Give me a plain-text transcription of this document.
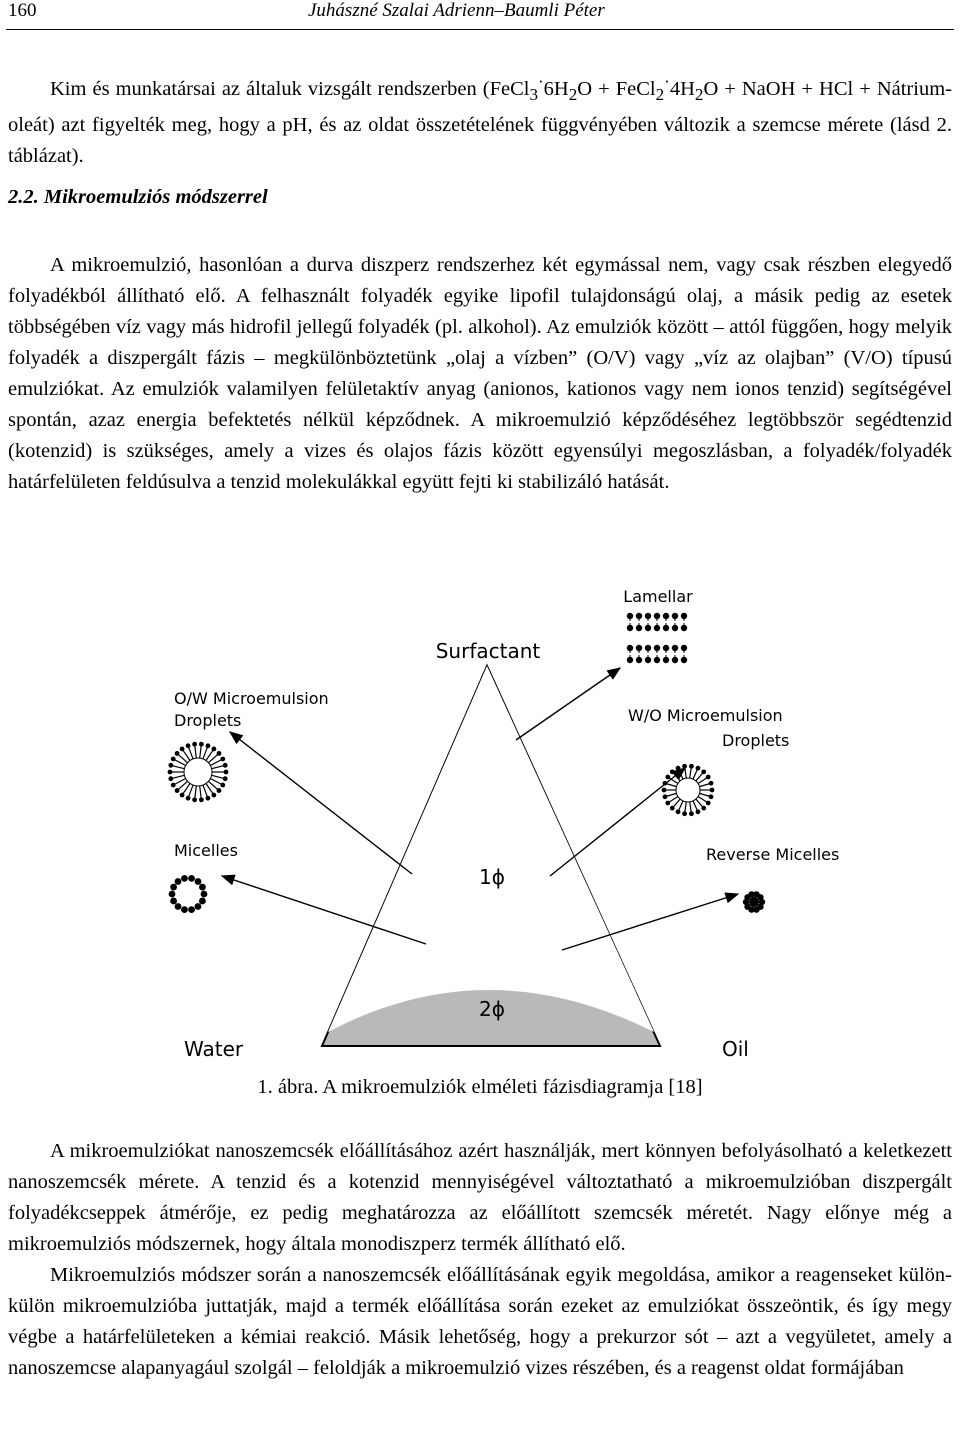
160	Juhászné Szalai Adrienn–Baumli Péter

Kim és munkatársai az általuk vizsgált rendszerben ($FeCl_3^\cdot 6H_2O$ + $FeCl_2^\cdot 4H_2O$ + NaOH + HCl + Nátrium-oleát) azt figyelték meg, hogy a pH, és az oldat összetételének függvényében változik a szemcse mérete (lásd 2. táblázat).

2.2. Mikroemulziós módszerrel

A mikroemulzió, hasonlóan a durva diszperz rendszerhez két egymással nem, vagy csak részben elegyedő folyadékból állítható elő. A felhasznált folyadék egyike lipofil tulajdonságú olaj, a másik pedig az esetek többségében víz vagy más hidrofil jellegű folyadék (pl. alkohol). Az emulziók között – attól függően, hogy melyik folyadék a diszpergált fázis – megkülönböztetünk „olaj a vízben” (O/V) vagy „víz az olajban” (V/O) típusú emulziókat. Az emulziók valamilyen felületaktív anyag (anionos, kationos vagy nem ionos tenzid) segítségével spontán, azaz energia befektetés nélkül képződnek. A mikroemulzió képződéséhez legtöbbször segédtenzid (kotenzid) is szükséges, amely a vizes és olajos fázis között egyensúlyi megoszlásban, a folyadék/folyadék határfelületen feldúsulva a tenzid molekulákkal együtt fejti ki stabilizáló hatását.

Surfactant
Lamellar
O/W Microemulsion
Droplets	W/O Microemulsion
Droplets
Micelles	Reverse Micelles
1ϕ
2ϕ
Water	Oil

1. ábra. A mikroemulziók elméleti fázisdiagramja [18]

A mikroemulziókat nanoszemcsék előállításához azért használják, mert könnyen befolyásolható a keletkezett nanoszemcsék mérete. A tenzid és a kotenzid mennyiségével változtatható a mikroemulzióban diszpergált folyadékcseppek átmérője, ez pedig meghatározza az előállított szemcsék méretét. Nagy előnye még a mikroemulziós módszernek, hogy általa monodiszperz termék állítható elő.

Mikroemulziós módszer során a nanoszemcsék előállításának egyik megoldása, amikor a reagenseket külön-külön mikroemulzióba juttatják, majd a termék előállítása során ezeket az emulziókat összeöntik, és így megy végbe a határfelületeken a kémiai reakció. Másik lehetőség, hogy a prekurzor sót – azt a vegyületet, amely a nanoszemcse alapanyagául szolgál – feloldják a mikroemulzió vizes részében, és a reagenst oldat formájában
